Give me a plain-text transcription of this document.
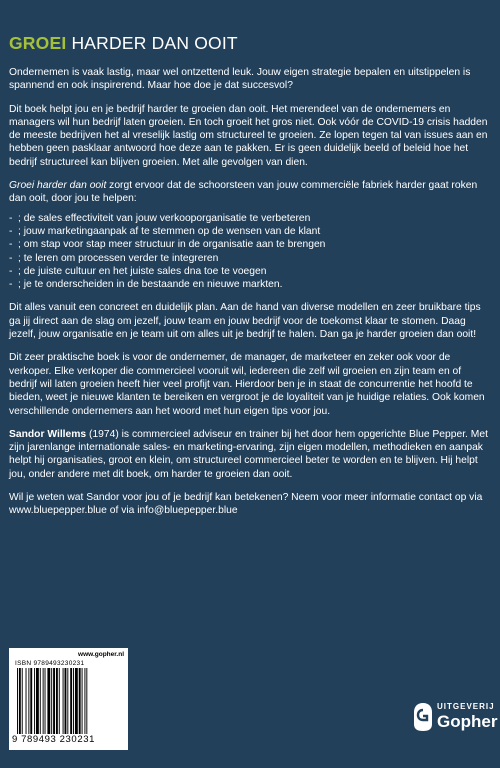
GROEI HARDER DAN OOIT

Ondernemen is vaak lastig, maar wel ontzettend leuk. Jouw eigen strategie bepalen en uitstippelen is spannend en ook inspirerend. Maar hoe doe je dat succesvol?

Dit boek helpt jou en je bedrijf harder te groeien dan ooit. Het merendeel van de ondernemers en managers wil hun bedrijf laten groeien. En toch groeit het gros niet. Ook vóór de COVID-19 crisis hadden de meeste bedrijven het al vreselijk lastig om structureel te groeien. Ze lopen tegen tal van issues aan en hebben geen pasklaar antwoord hoe deze aan te pakken. Er is geen duidelijk beeld of beleid hoe het bedrijf structureel kan blijven groeien. Met alle gevolgen van dien.

Groei harder dan ooit zorgt ervoor dat de schoorsteen van jouw commerciële fabriek harder gaat roken dan ooit, door jou te helpen:

; - de sales effectiviteit van jouw verkooporganisatie te verbeteren
; - jouw marketingaanpak af te stemmen op de wensen van de klant
; - om stap voor stap meer structuur in de organisatie aan te brengen
; - te leren om processen verder te integreren
; - de juiste cultuur en het juiste sales dna toe te voegen
; - je te onderscheiden in de bestaande en nieuwe markten.

Dit alles vanuit een concreet en duidelijk plan. Aan de hand van diverse modellen en zeer bruikbare tips ga jij direct aan de slag om jezelf, jouw team en jouw bedrijf voor de toekomst klaar te stomen. Daag jezelf, jouw organisatie en je team uit om alles uit je bedrijf te halen. Dan ga je harder groeien dan ooit!

Dit zeer praktische boek is voor de ondernemer, de manager, de marketeer en zeker ook voor de verkoper. Elke verkoper die commercieel vooruit wil, iedereen die zelf wil groeien en zijn team en of bedrijf wil laten groeien heeft hier veel profijt van. Hierdoor ben je in staat de concurrentie het hoofd te bieden, weet je nieuwe klanten te bereiken en vergroot je de loyaliteit van je huidige relaties. Ook komen verschillende ondernemers aan het woord met hun eigen tips voor jou.

Sandor Willems (1974) is commercieel adviseur en trainer bij het door hem opgerichte Blue Pepper. Met zijn jarenlange internationale sales- en marketing-ervaring, zijn eigen modellen, methodieken en aanpak helpt hij organisaties, groot en klein, om structureel commercieel beter te worden en te blijven. Hij helpt jou, onder andere met dit boek, om harder te groeien dan ooit.

Wil je weten wat Sandor voor jou of je bedrijf kan betekenen? Neem voor meer informatie contact op via www.bluepepper.blue of via info@bluepepper.blue

www.gopher.nl
ISBN 9789493230231
9 789493 230231
UITGEVERIJ
Gopher
